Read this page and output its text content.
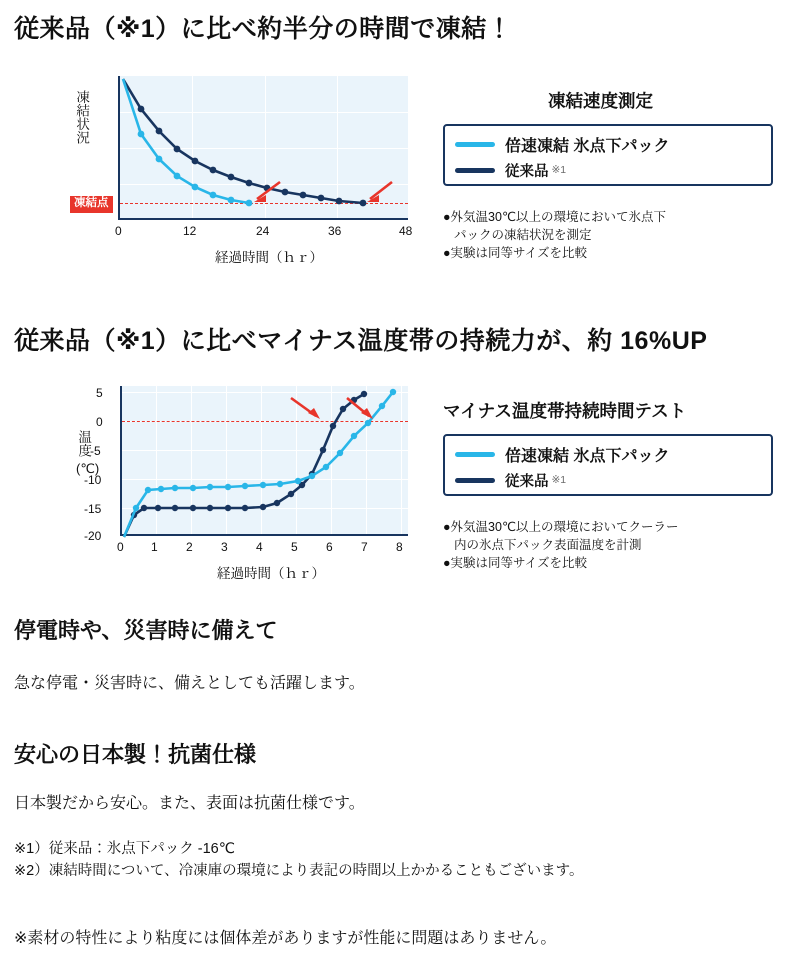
従来品（※1）に比べ約半分の時間で凍結！
凍結状況
凍結点
0	12	24	36	48
経過時間（ｈｒ）
凍結速度測定
倍速凍結 氷点下パック
従来品 ※1
●外気温30℃以上の環境において氷点下
パックの凍結状況を測定
●実験は同等サイズを比較
従来品（※1）に比べマイナス温度帯の持続力が、約 16%UP
温度
(℃)
5
0
-5
-10
-15
-20
0 1 2 3 4 5 6 7 8
経過時間（ｈｒ）
マイナス温度帯持続時間テスト
倍速凍結 氷点下パック
従来品 ※1
●外気温30℃以上の環境においてクーラー
内の氷点下パック表面温度を計測
●実験は同等サイズを比較
停電時や、災害時に備えて
急な停電・災害時に、備えとしても活躍します。
安心の日本製！抗菌仕様
日本製だから安心。また、表面は抗菌仕様です。
※1）従来品：氷点下パック -16℃
※2）凍結時間について、冷凍庫の環境により表記の時間以上かかることもございます。
※素材の特性により粘度には個体差がありますが性能に問題はありません。
